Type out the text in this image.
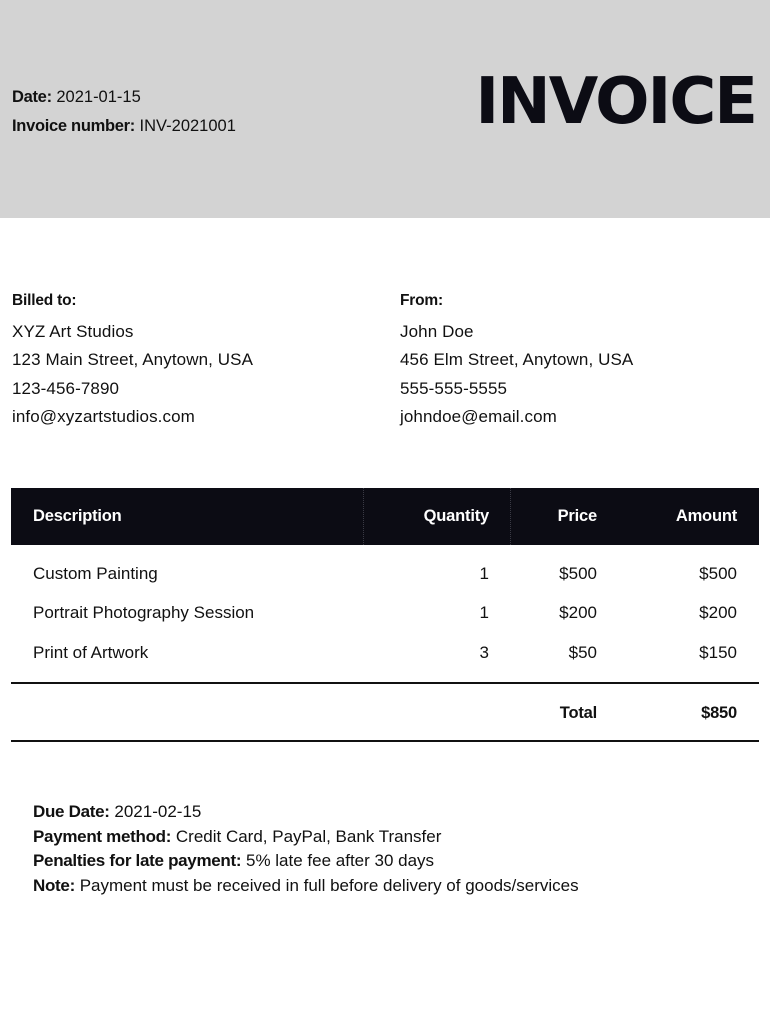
Date: 2021-01-15
Invoice number: INV-2021001	INVOICE
Billed to:
XYZ Art Studios
123 Main Street, Anytown, USA
123-456-7890
info@xyzartstudios.com
From:
John Doe
456 Elm Street, Anytown, USA
555-555-5555
johndoe@email.com
Description	Quantity	Price	Amount
Custom Painting	1	$500	$500
Portrait Photography Session	1	$200	$200
Print of Artwork	3	$50	$150
Total	$850
Due Date: 2021-02-15
Payment method: Credit Card, PayPal, Bank Transfer
Penalties for late payment: 5% late fee after 30 days
Note: Payment must be received in full before delivery of goods/services
